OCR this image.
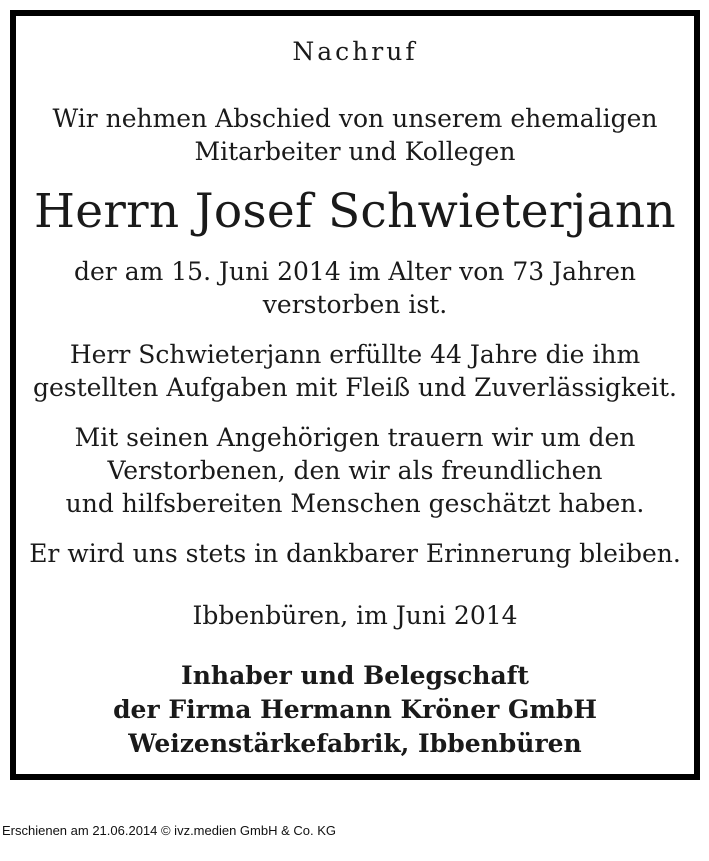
Nachruf
Wir nehmen Abschied von unserem ehemaligen
Mitarbeiter und Kollegen
Herrn Josef Schwieterjann
der am 15. Juni 2014 im Alter von 73 Jahren
verstorben ist.
Herr Schwieterjann erfüllte 44 Jahre die ihm
gestellten Aufgaben mit Fleiß und Zuverlässigkeit.
Mit seinen Angehörigen trauern wir um den
Verstorbenen, den wir als freundlichen
und hilfsbereiten Menschen geschätzt haben.
Er wird uns stets in dankbarer Erinnerung bleiben.
Ibbenbüren, im Juni 2014
Inhaber und Belegschaft
der Firma Hermann Kröner GmbH
Weizenstärkefabrik, Ibbenbüren
Erschienen am 21.06.2014 © ivz.medien GmbH & Co. KG
